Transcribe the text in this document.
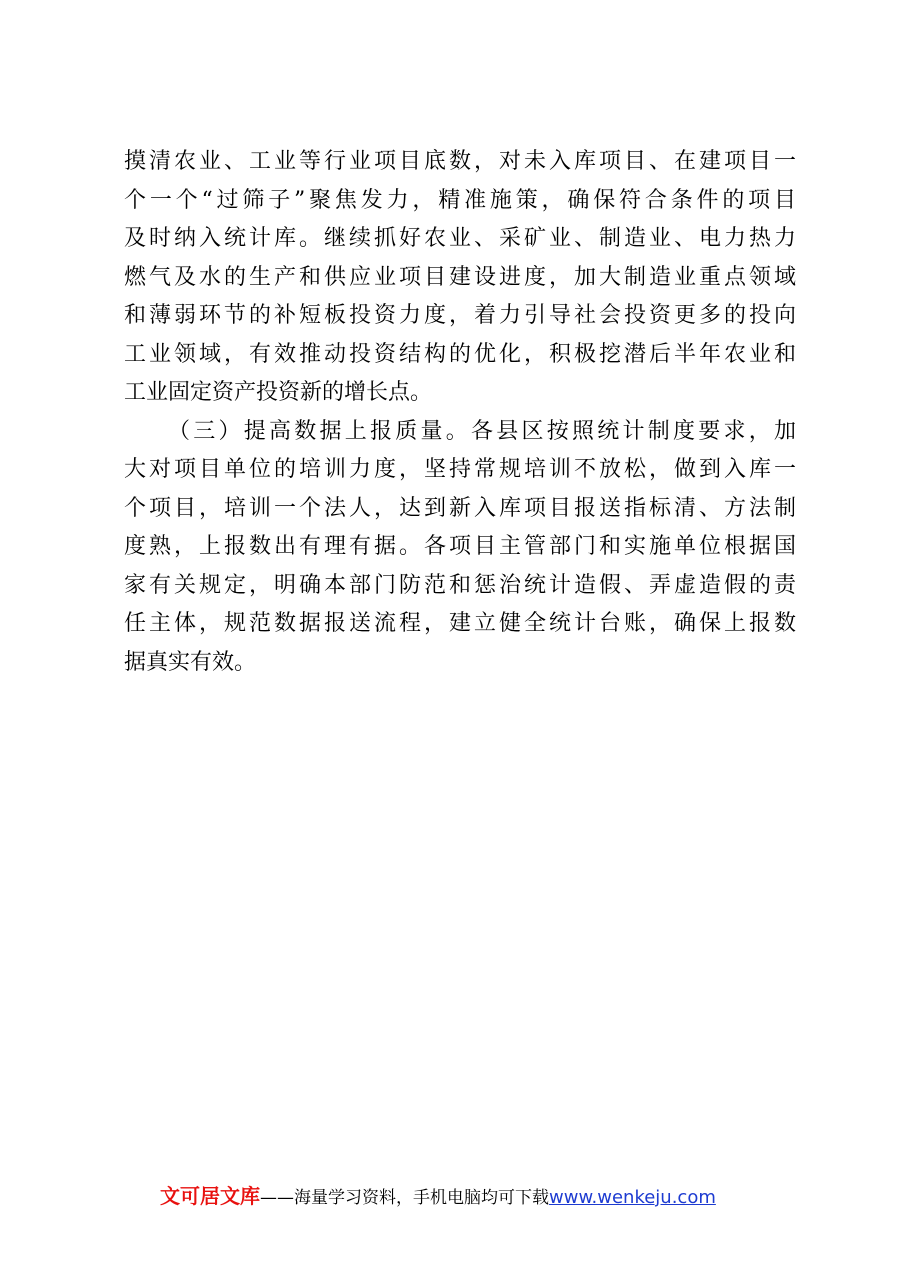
摸清农业、工业等行业项目底数，对未入库项目、在建项目一
个一个“过筛子”聚焦发力，精准施策，确保符合条件的项目
及时纳入统计库。继续抓好农业、采矿业、制造业、电力热力
燃气及水的生产和供应业项目建设进度，加大制造业重点领域
和薄弱环节的补短板投资力度，着力引导社会投资更多的投向
工业领域，有效推动投资结构的优化，积极挖潜后半年农业和
工业固定资产投资新的增长点。
（三）提高数据上报质量。各县区按照统计制度要求，加
大对项目单位的培训力度，坚持常规培训不放松，做到入库一
个项目，培训一个法人，达到新入库项目报送指标清、方法制
度熟，上报数出有理有据。各项目主管部门和实施单位根据国
家有关规定，明确本部门防范和惩治统计造假、弄虚造假的责
任主体，规范数据报送流程，建立健全统计台账，确保上报数
据真实有效。
文可居文库——海量学习资料，手机电脑均可下载www.wenkeju.com
